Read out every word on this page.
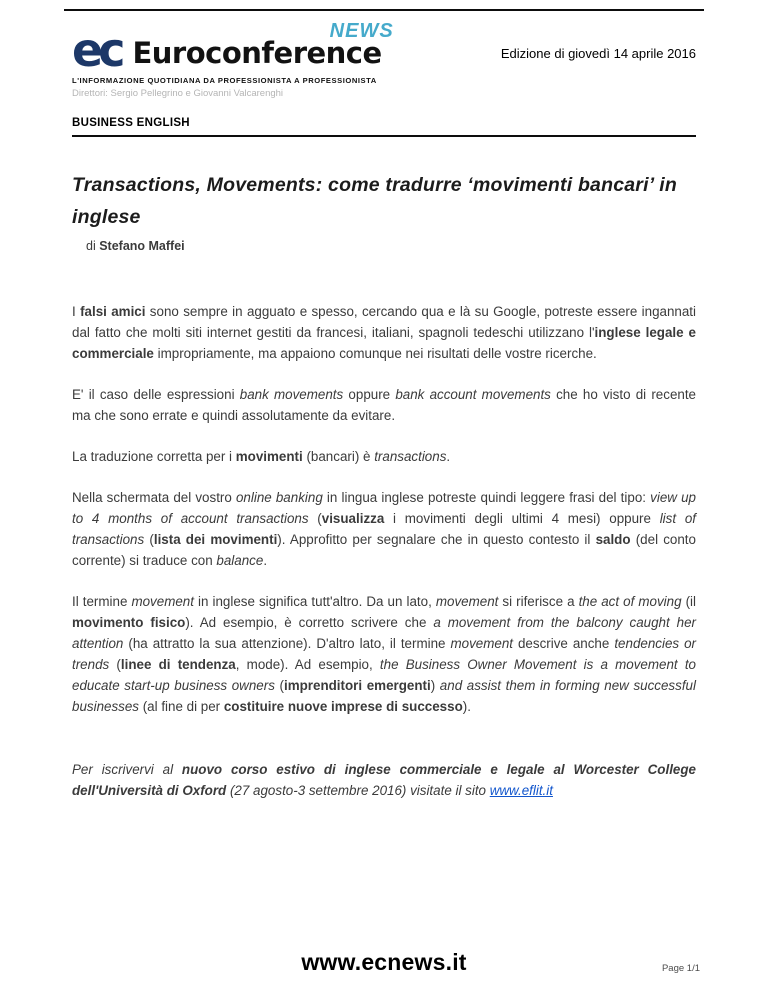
ec	NEWS
Euroconference	Edizione di giovedì 14 aprile 2016
L'INFORMAZIONE QUOTIDIANA DA PROFESSIONISTA A PROFESSIONISTA
Direttori: Sergio Pellegrino e Giovanni Valcarenghi
BUSINESS ENGLISH
Transactions, Movements: come tradurre ‘movimenti bancari’ in inglese
di Stefano Maffei

I falsi amici sono sempre in agguato e spesso, cercando qua e là su Google, potreste essere ingannati dal fatto che molti siti internet gestiti da francesi, italiani, spagnoli tedeschi utilizzano l'inglese legale e commerciale impropriamente, ma appaiono comunque nei risultati delle vostre ricerche.

E' il caso delle espressioni bank movements oppure bank account movements che ho visto di recente ma che sono errate e quindi assolutamente da evitare.

La traduzione corretta per i movimenti (bancari) è transactions.

Nella schermata del vostro online banking in lingua inglese potreste quindi leggere frasi del tipo: view up to 4 months of account transactions (visualizza i movimenti degli ultimi 4 mesi) oppure list of transactions (lista dei movimenti). Approfitto per segnalare che in questo contesto il saldo (del conto corrente) si traduce con balance.

Il termine movement in inglese significa tutt'altro. Da un lato, movement si riferisce a the act of moving (il movimento fisico). Ad esempio, è corretto scrivere che a movement from the balcony caught her attention (ha attratto la sua attenzione). D'altro lato, il termine movement descrive anche tendencies or trends (linee di tendenza, mode). Ad esempio, the Business Owner Movement is a movement to educate start-up business owners (imprenditori emergenti) and assist them in forming new successful businesses (al fine di per costituire nuove imprese di successo).

Per iscrivervi al nuovo corso estivo di inglese commerciale e legale al Worcester College dell'Università di Oxford (27 agosto-3 settembre 2016) visitate il sito www.eflit.it

www.ecnews.it	Page 1/1
